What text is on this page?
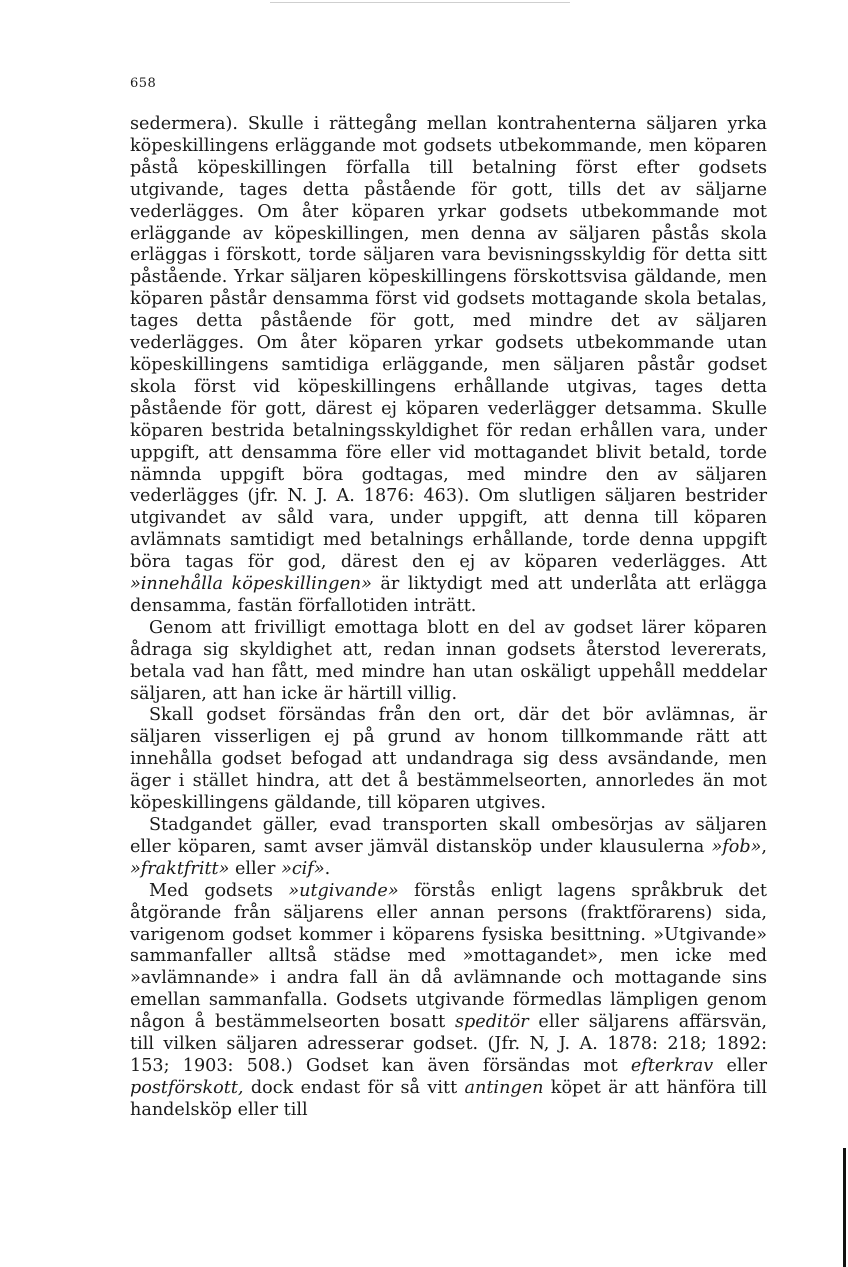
658

sedermera). Skulle i rättegång mellan kontrahenterna säljaren yrka köpeskillingens erläggande mot godsets utbekommande, men köparen påstå köpeskillingen förfalla till betalning först efter godsets utgivande, tages detta påstående för gott, tills det av säljarne vederlägges. Om åter köparen yrkar godsets utbekommande mot erläggande av köpeskillingen, men denna av säljaren påstås skola erläggas i förskott, torde säljaren vara bevisningsskyldig för detta sitt påstående. Yrkar säljaren köpeskillingens förskottsvisa gäldande, men köparen påstår densamma först vid godsets mottagande skola betalas, tages detta påstående för gott, med mindre det av säljaren vederlägges. Om åter köparen yrkar godsets utbekommande utan köpeskillingens samtidiga erläggande, men säljaren påstår godset skola först vid köpeskillingens erhållande utgivas, tages detta påstående för gott, därest ej köparen vederlägger detsamma. Skulle köparen bestrida betalningsskyldighet för redan erhållen vara, under uppgift, att densamma före eller vid mottagandet blivit betald, torde nämnda uppgift böra godtagas, med mindre den av säljaren vederlägges (jfr. N. J. A. 1876: 463). Om slutligen säljaren bestrider utgivandet av såld vara, under uppgift, att denna till köparen avlämnats samtidigt med betalnings erhållande, torde denna uppgift böra tagas för god, därest den ej av köparen vederlägges. Att »innehålla köpeskillingen» är liktydigt med att underlåta att erlägga densamma, fastän förfallotiden inträtt.

Genom att frivilligt emottaga blott en del av godset lärer köparen ådraga sig skyldighet att, redan innan godsets återstod levererats, betala vad han fått, med mindre han utan oskäligt uppehåll meddelar säljaren, att han icke är härtill villig.

Skall godset försändas från den ort, där det bör avlämnas, är säljaren visserligen ej på grund av honom tillkommande rätt att innehålla godset befogad att undandraga sig dess avsändande, men äger i stället hindra, att det å bestämmelseorten, annorledes än mot köpeskillingens gäldande, till köparen utgives.

Stadgandet gäller, evad transporten skall ombesörjas av säljaren eller köparen, samt avser jämväl distansköp under klausulerna »fob», »fraktfritt» eller »cif».

Med godsets »utgivande» förstås enligt lagens språkbruk det åtgörande från säljarens eller annan persons (fraktförarens) sida, varigenom godset kommer i köparens fysiska besittning. »Utgivande» sammanfaller alltså städse med »mottagandet», men icke med »avlämnande» i andra fall än då avlämnande och mottagande sins emellan sammanfalla. Godsets utgivande förmedlas lämpligen genom någon å bestämmelseorten bosatt speditör eller säljarens affärsvän, till vilken säljaren adresserar godset. (Jfr. N, J. A. 1878: 218; 1892: 153; 1903: 508.) Godset kan även försändas mot efterkrav eller postförskott, dock endast för så vitt antingen köpet är att hänföra till handelsköp eller till
